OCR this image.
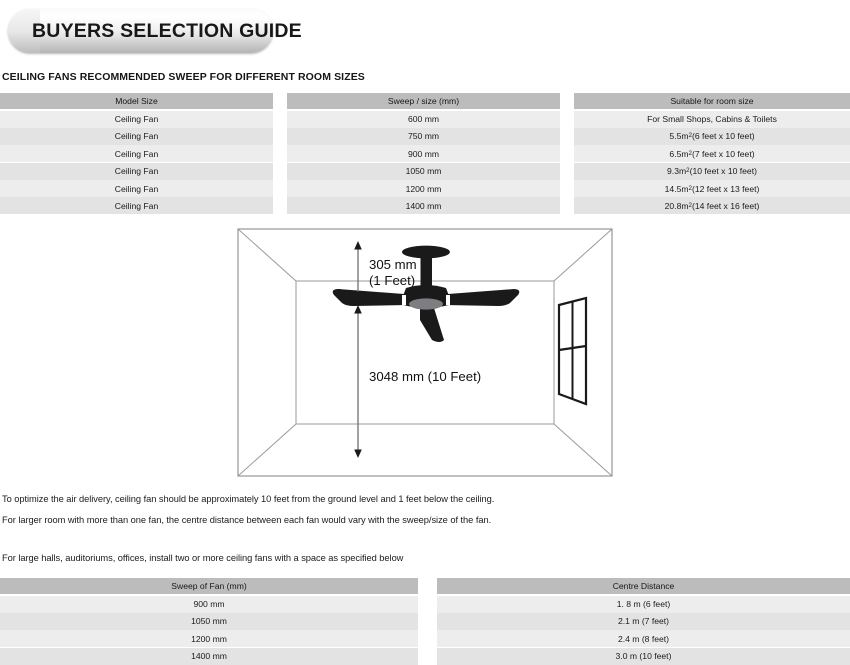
BUYERS SELECTION GUIDE
CEILING FANS RECOMMENDED SWEEP FOR DIFFERENT ROOM SIZES
Model Size
Ceiling Fan
Ceiling Fan
Ceiling Fan
Ceiling Fan
Ceiling Fan
Ceiling Fan
Sweep / size (mm)
600 mm
750 mm
900 mm
1050 mm
1200 mm
1400 mm
Suitable for room size
For Small Shops, Cabins & Toilets
5.5 m 2 (6 feet x 10 feet)
6.5 m 2 (7 feet x 10 feet)
9.3 m 2 (10 feet x 10 feet)
14.5 m 2 (12 feet x 13 feet)
20.8 m 2 (14 feet x 16 feet)
305 mm
(1 Feet)
3048 mm (10 Feet)
To optimize the air delivery, ceiling fan should be approximately 10 feet from the ground level and 1 feet below the ceiling.
For larger room with more than one fan, the centre distance between each fan would vary with the sweep/size of the fan.
For large halls, auditoriums, offices, install two or more ceiling fans with a space as specified below
Sweep of Fan (mm)
900 mm
1050 mm
1200 mm
1400 mm
Centre Distance
1. 8 m (6 feet)
2.1 m (7 feet)
2.4 m (8 feet)
3.0 m (10 feet)
